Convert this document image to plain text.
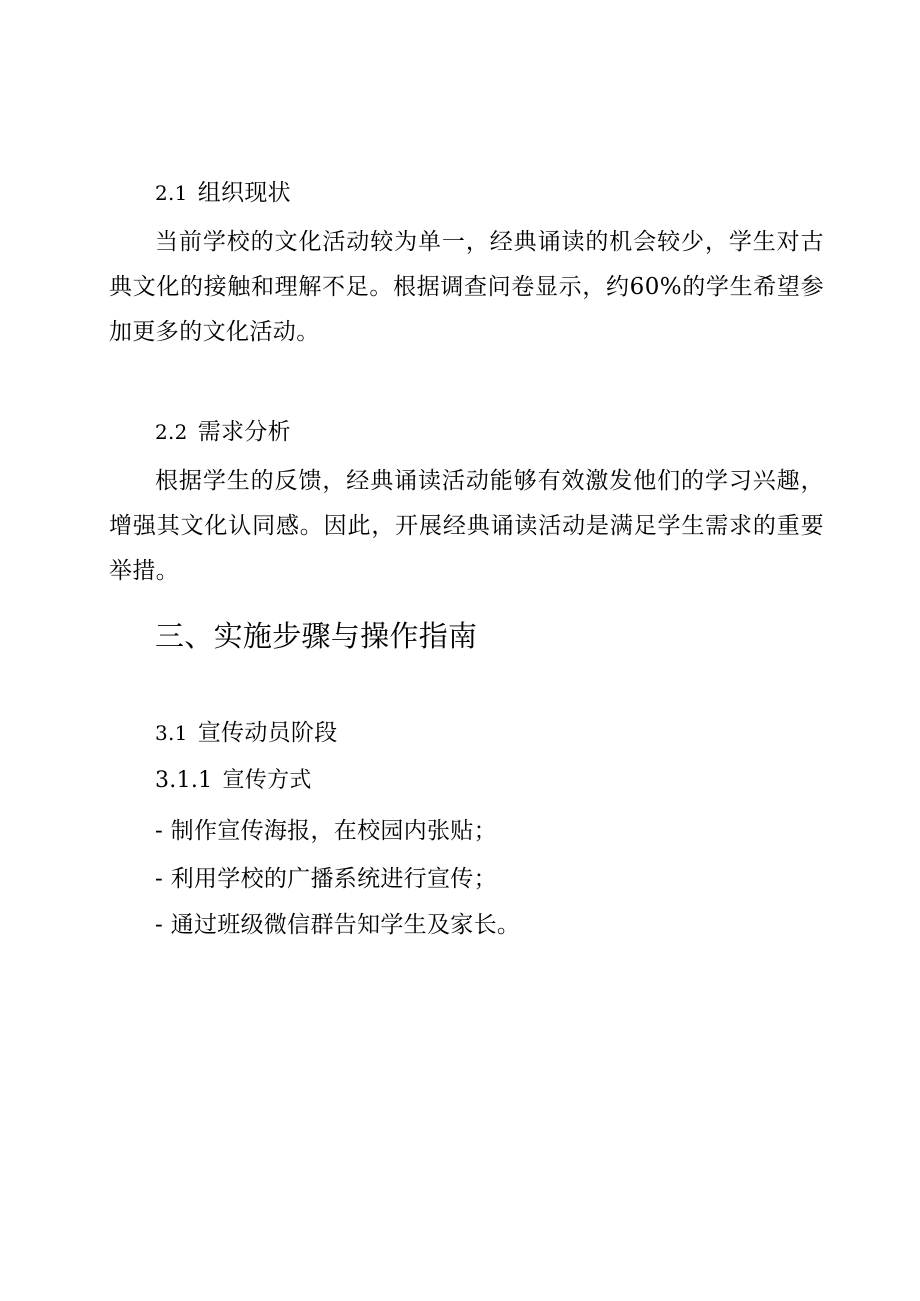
2.1 组织现状
当前学校的文化活动较为单一，经典诵读的机会较少，学生对古典文化的接触和理解不足。根据调查问卷显示，约60%的学生希望参加更多的文化活动。
2.2 需求分析
根据学生的反馈，经典诵读活动能够有效激发他们的学习兴趣，增强其文化认同感。因此，开展经典诵读活动是满足学生需求的重要举措。
三、实施步骤与操作指南
3.1 宣传动员阶段
3.1.1 宣传方式
- 制作宣传海报，在校园内张贴；
- 利用学校的广播系统进行宣传；
- 通过班级微信群告知学生及家长。
